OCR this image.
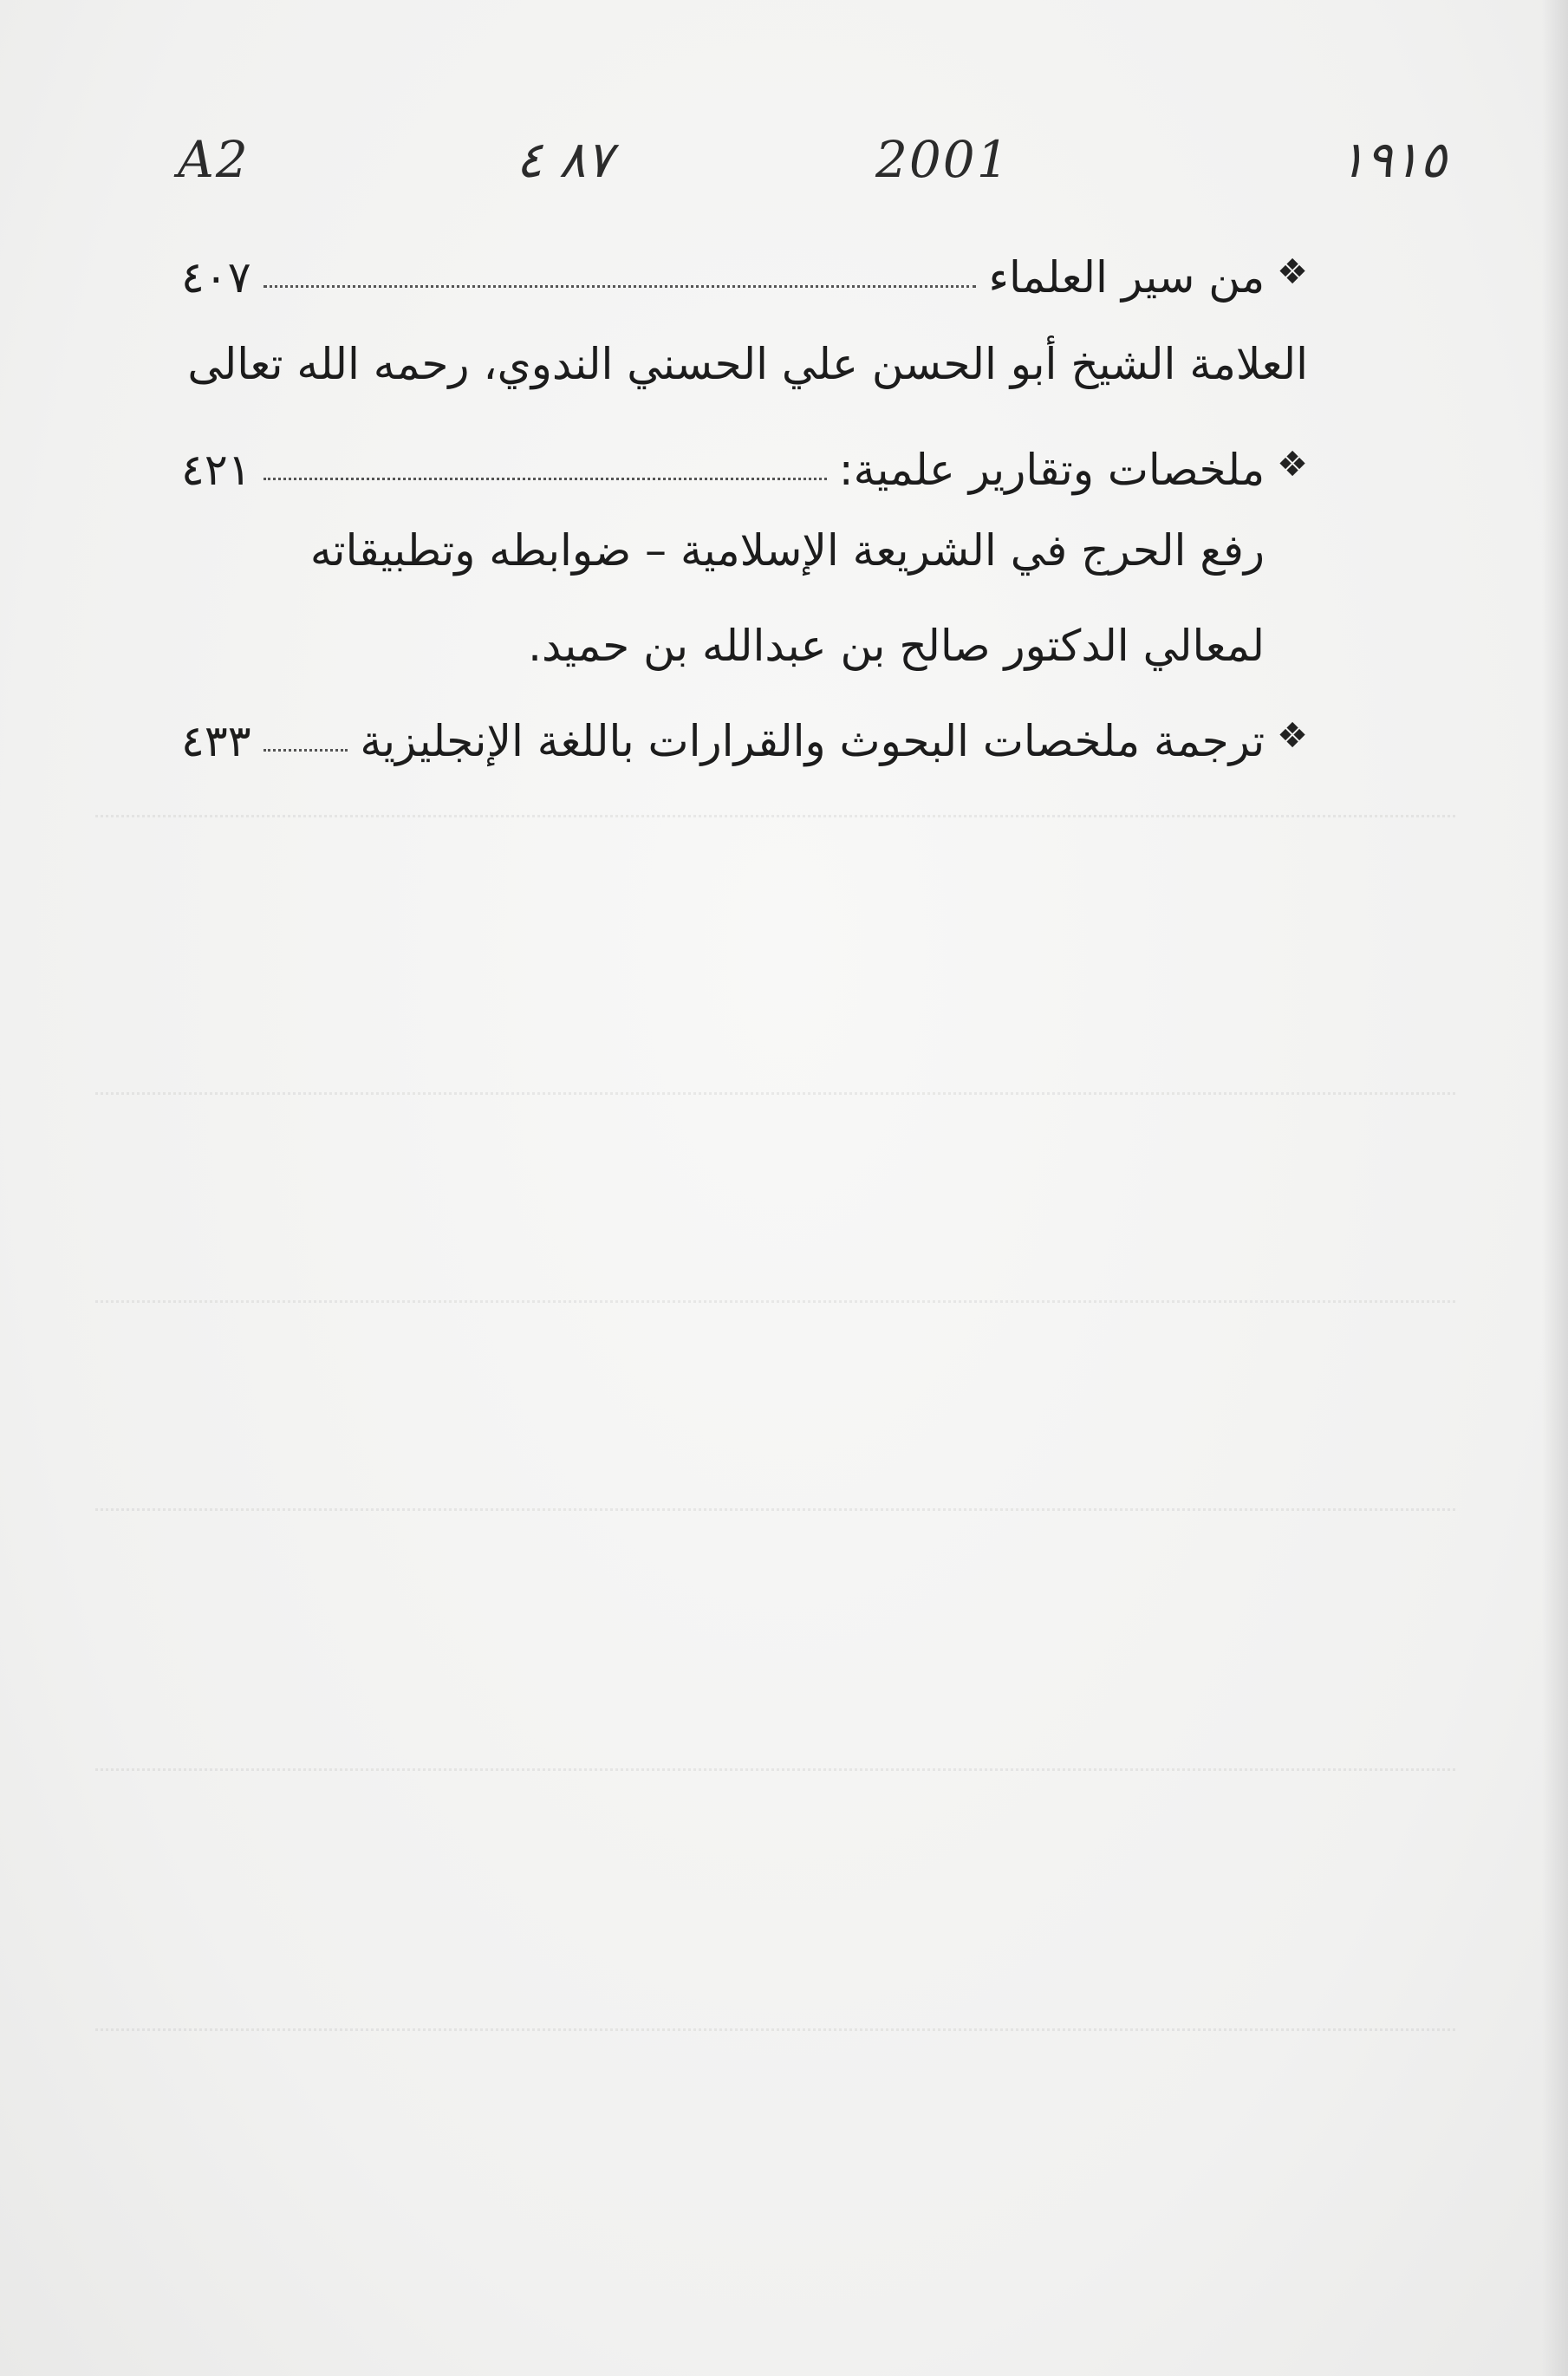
١٩١٥
2001
٨٧ ٤
A2
❖
من سير العلماء
٤٠٧
العلامة الشيخ أبو الحسن علي الحسني الندوي، رحمه الله تعالى
❖
ملخصات وتقارير علمية:
٤٢١
رفع الحرج في الشريعة الإسلامية – ضوابطه وتطبيقاته
لمعالي الدكتور صالح بن عبدالله بن حميد.
❖
ترجمة ملخصات البحوث والقرارات باللغة الإنجليزية
٤٣٣
